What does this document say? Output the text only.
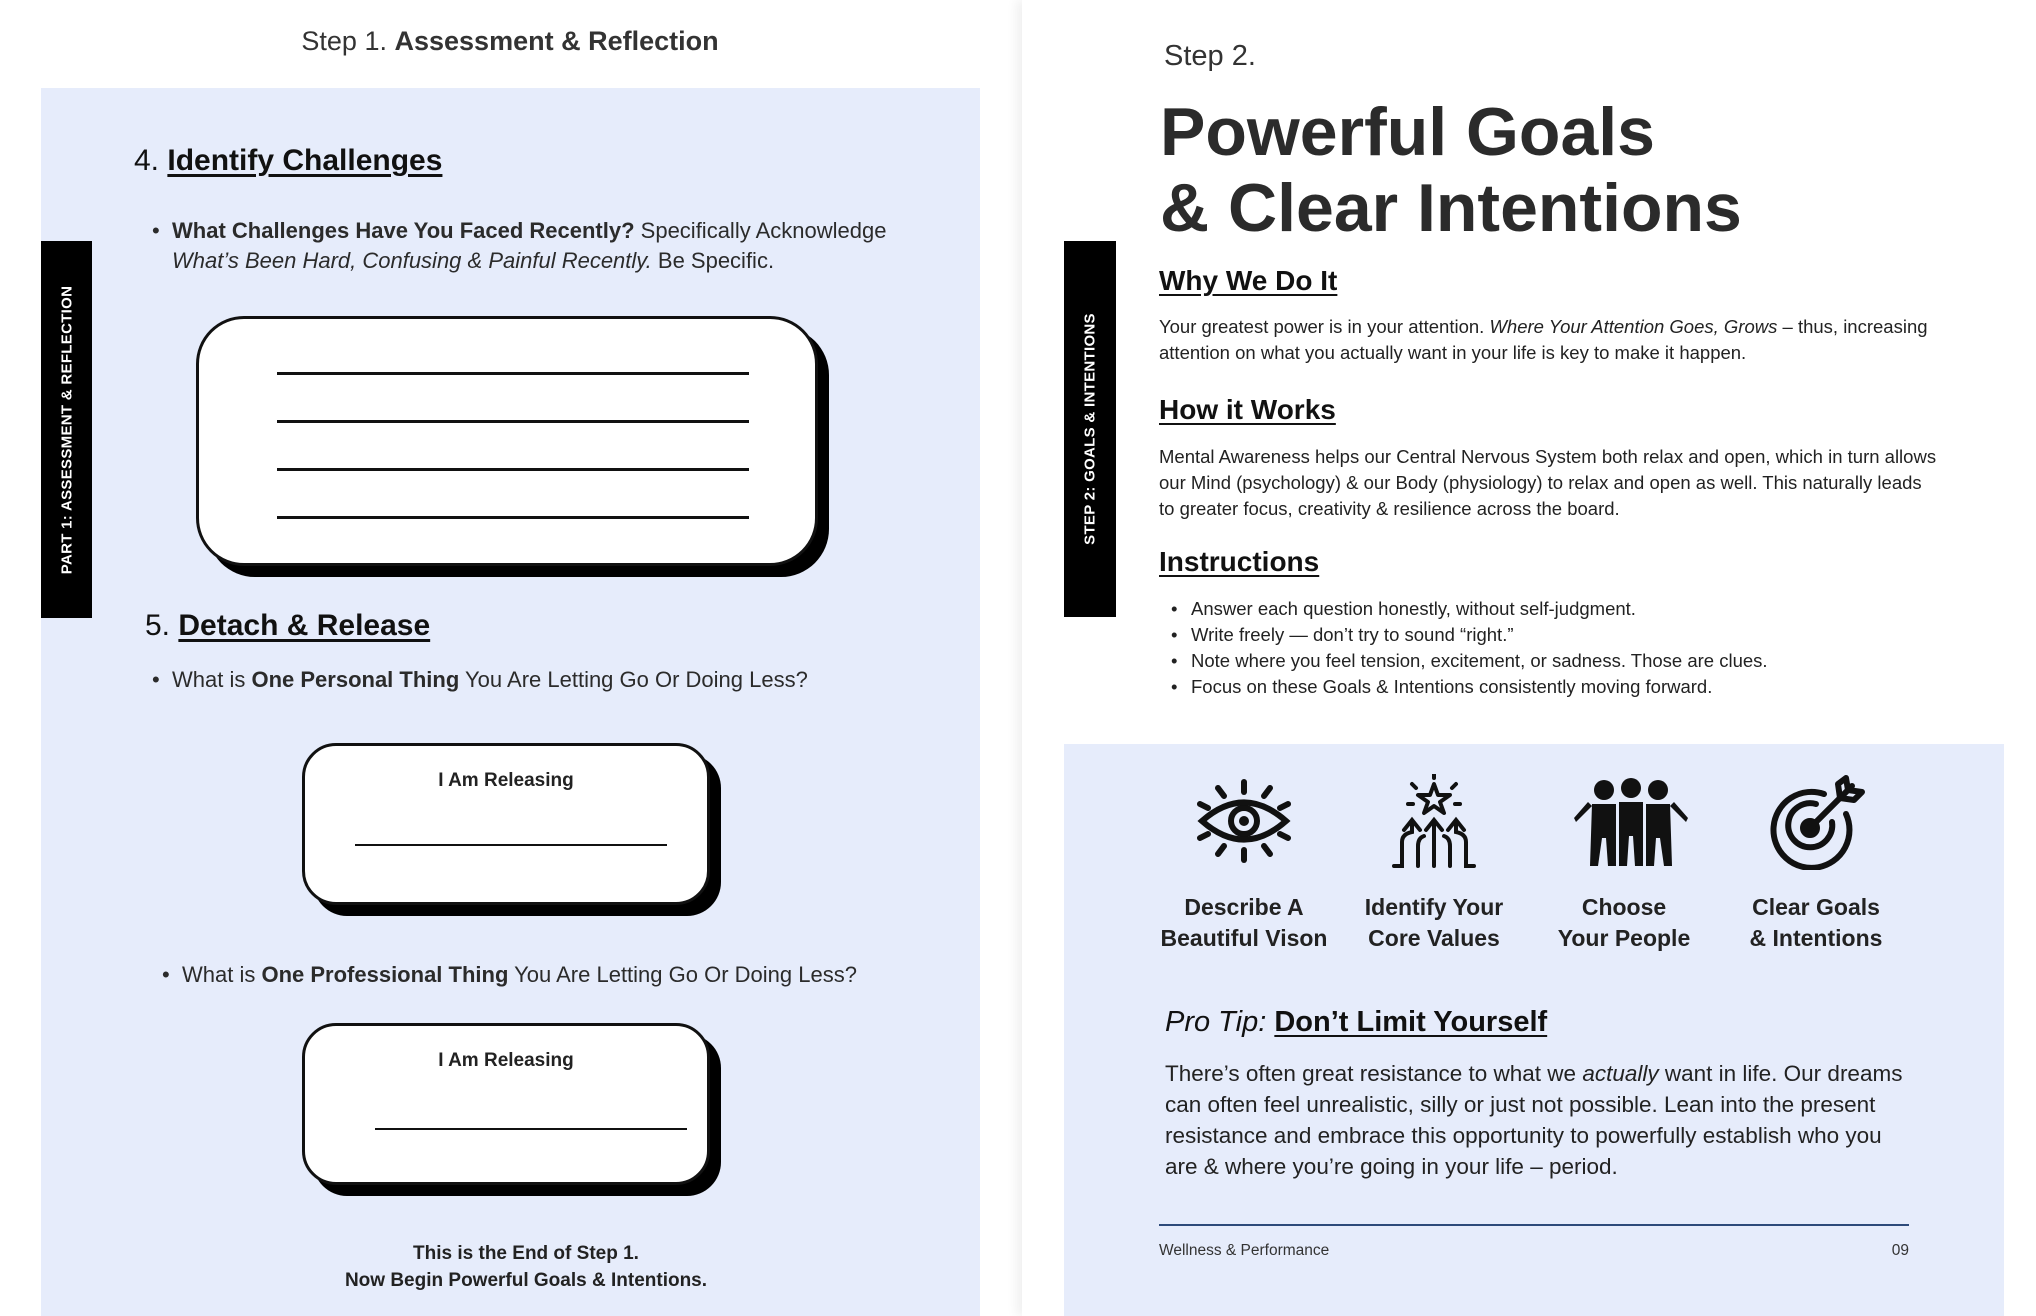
Step 1. Assessment & Reflection
PART 1: ASSESSMENT & REFLECTION
4. Identify Challenges
• What Challenges Have You Faced Recently? Specifically Acknowledge
What’s Been Hard, Confusing & Painful Recently. Be Specific.
5. Detach & Release
• What is One Personal Thing You Are Letting Go Or Doing Less?
I Am Releasing
• What is One Professional Thing You Are Letting Go Or Doing Less?
I Am Releasing
This is the End of Step 1.
Now Begin Powerful Goals & Intentions.
Step 2.
Powerful Goals
& Clear Intentions
STEP 2: GOALS & INTENTIONS
Why We Do It
Your greatest power is in your attention. Where Your Attention Goes, Grows – thus, increasing attention on what you actually want in your life is key to make it happen.
How it Works
Mental Awareness helps our Central Nervous System both relax and open, which in turn allows our Mind (psychology) & our Body (physiology) to relax and open as well. This naturally leads to greater focus, creativity & resilience across the board.
Instructions
• Answer each question honestly, without self-judgment.
• Write freely — don’t try to sound “right.”
• Note where you feel tension, excitement, or sadness. Those are clues.
• Focus on these Goals & Intentions consistently moving forward.
Describe A
Beautiful Vison
Identify Your
Core Values
Choose
Your People
Clear Goals
& Intentions
Pro Tip: Don’t Limit Yourself
There’s often great resistance to what we actually want in life. Our dreams can often feel unrealistic, silly or just not possible. Lean into the present resistance and embrace this opportunity to powerfully establish who you are & where you’re going in your life – period.
Wellness & Performance	09
